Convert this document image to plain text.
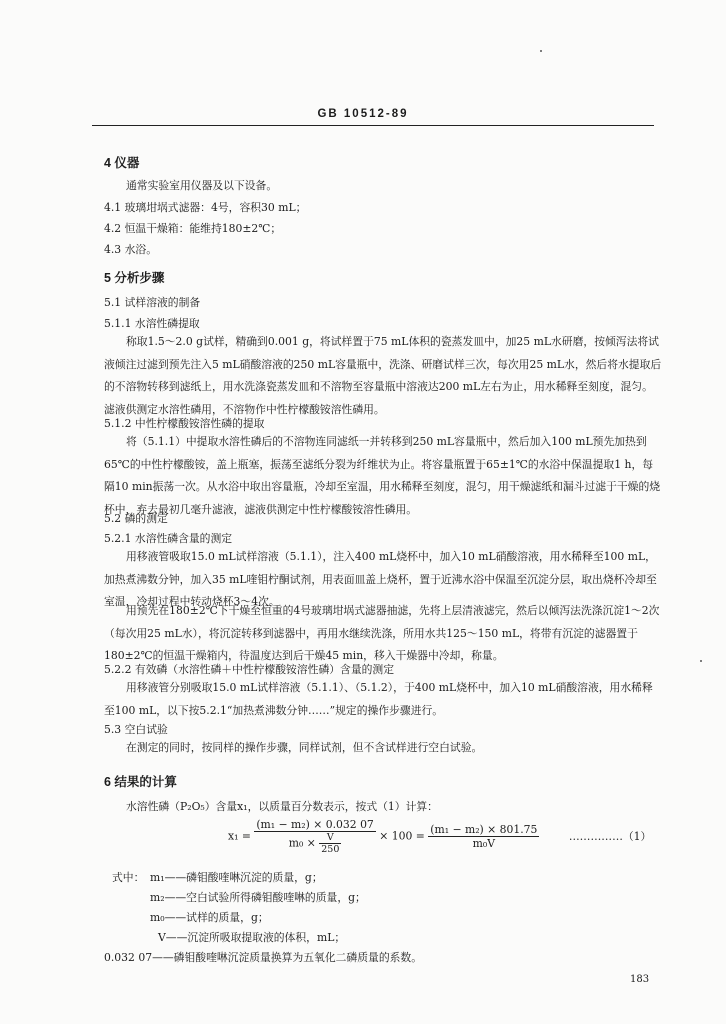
GB 10512-89
4 仪器
通常实验室用仪器及以下设备。
4.1 玻璃坩埚式滤器：4号，容积30 mL；
4.2 恒温干燥箱：能维持180±2℃；
4.3 水浴。
5 分析步骤
5.1 试样溶液的制备
5.1.1 水溶性磷提取
称取1.5～2.0 g试样，精确到0.001 g，将试样置于75 mL体积的瓷蒸发皿中，加25 mL水研磨，按倾泻法将试液倾注过滤到预先注入5 mL硝酸溶液的250 mL容量瓶中，洗涤、研磨试样三次，每次用25 mL水，然后将水提取后的不溶物转移到滤纸上，用水洗涤瓷蒸发皿和不溶物至容量瓶中溶液达200 mL左右为止，用水稀释至刻度，混匀。滤液供测定水溶性磷用，不溶物作中性柠檬酸铵溶性磷用。
5.1.2 中性柠檬酸铵溶性磷的提取
将（5.1.1）中提取水溶性磷后的不溶物连同滤纸一并转移到250 mL容量瓶中，然后加入100 mL预先加热到65℃的中性柠檬酸铵，盖上瓶塞，振荡至滤纸分裂为纤维状为止。将容量瓶置于65±1℃的水浴中保温提取1 h，每隔10 min振荡一次。从水浴中取出容量瓶，冷却至室温，用水稀释至刻度，混匀，用干燥滤纸和漏斗过滤于干燥的烧杯中，弃去最初几毫升滤液，滤液供测定中性柠檬酸铵溶性磷用。
5.2 磷的测定
5.2.1 水溶性磷含量的测定
用移液管吸取15.0 mL试样溶液（5.1.1），注入400 mL烧杯中，加入10 mL硝酸溶液，用水稀释至100 mL，加热煮沸数分钟，加入35 mL喹钼柠酮试剂，用表面皿盖上烧杯，置于近沸水浴中保温至沉淀分层，取出烧杯冷却至室温，冷却过程中转动烧杯3～4次。
用预先在180±2℃下干燥至恒重的4号玻璃坩埚式滤器抽滤，先将上层清液滤完，然后以倾泻法洗涤沉淀1～2次（每次用25 mL水），将沉淀转移到滤器中，再用水继续洗涤，所用水共125～150 mL，将带有沉淀的滤器置于180±2℃的恒温干燥箱内，待温度达到后干燥45 min，移入干燥器中冷却，称量。
5.2.2 有效磷（水溶性磷＋中性柠檬酸铵溶性磷）含量的测定
用移液管分别吸取15.0 mL试样溶液（5.1.1）、（5.1.2），于400 mL烧杯中，加入10 mL硝酸溶液，用水稀释至100 mL，以下按5.2.1“加热煮沸数分钟……”规定的操作步骤进行。
5.3 空白试验
在测定的同时，按同样的操作步骤，同样试剂，但不含试样进行空白试验。
6 结果的计算
水溶性磷（P₂O₅）含量x₁，以质量百分数表示，按式（1）计算：
$x_1 = \frac{\text{(m₁ − m₂) × 0.032 07}}{m_0 \times \frac{V}{250}} \times 100 = \frac{\text{(m₁ − m₂) × 801.75}}{\text{m₀V}}$	……………（1）
式中： m₁——磷钼酸喹啉沉淀的质量，g；
m₂——空白试验所得磷钼酸喹啉的质量，g；
m₀——试样的质量，g；
V——沉淀所吸取提取液的体积，mL；
0.032 07——磷钼酸喹啉沉淀质量换算为五氧化二磷质量的系数。
183
